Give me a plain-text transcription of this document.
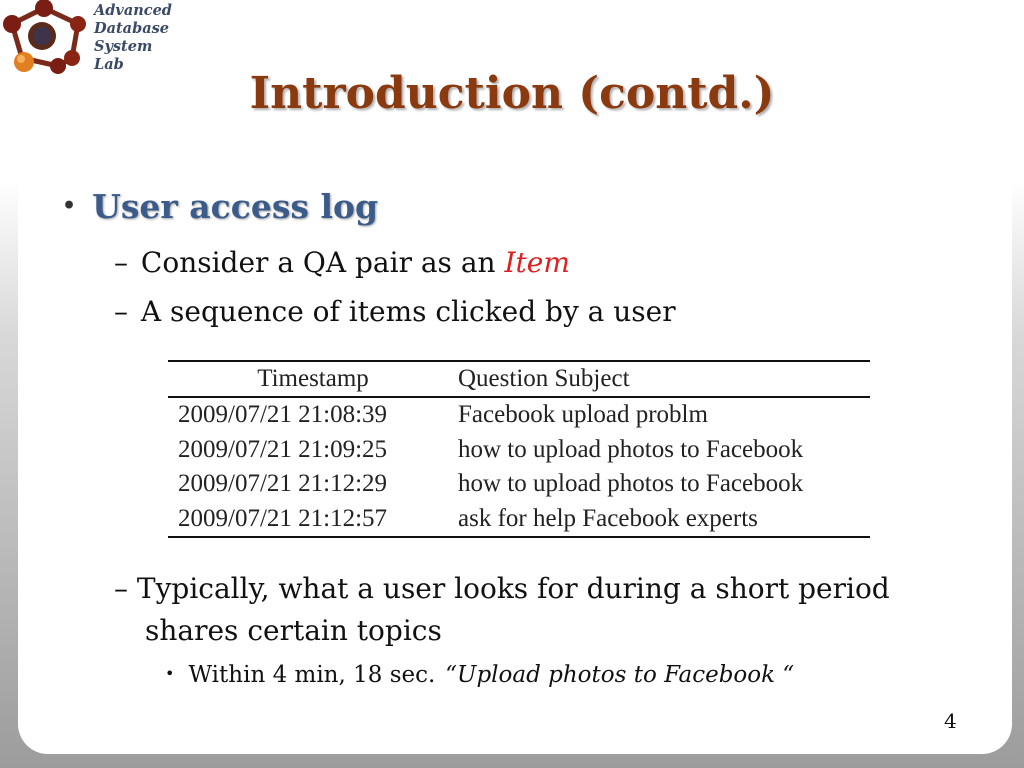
Advanced
Database
System
Lab
Introduction (contd.)
• User access log
– Consider a QA pair as an Item
– A sequence of items clicked by a user
Timestamp	Question Subject
2009/07/21 21:08:39	Facebook upload problm
2009/07/21 21:09:25	how to upload photos to Facebook
2009/07/21 21:12:29	how to upload photos to Facebook
2009/07/21 21:12:57	ask for help Facebook experts
– Typically, what a user looks for during a short period
shares certain topics
• Within 4 min, 18 sec. “Upload photos to Facebook “
4
